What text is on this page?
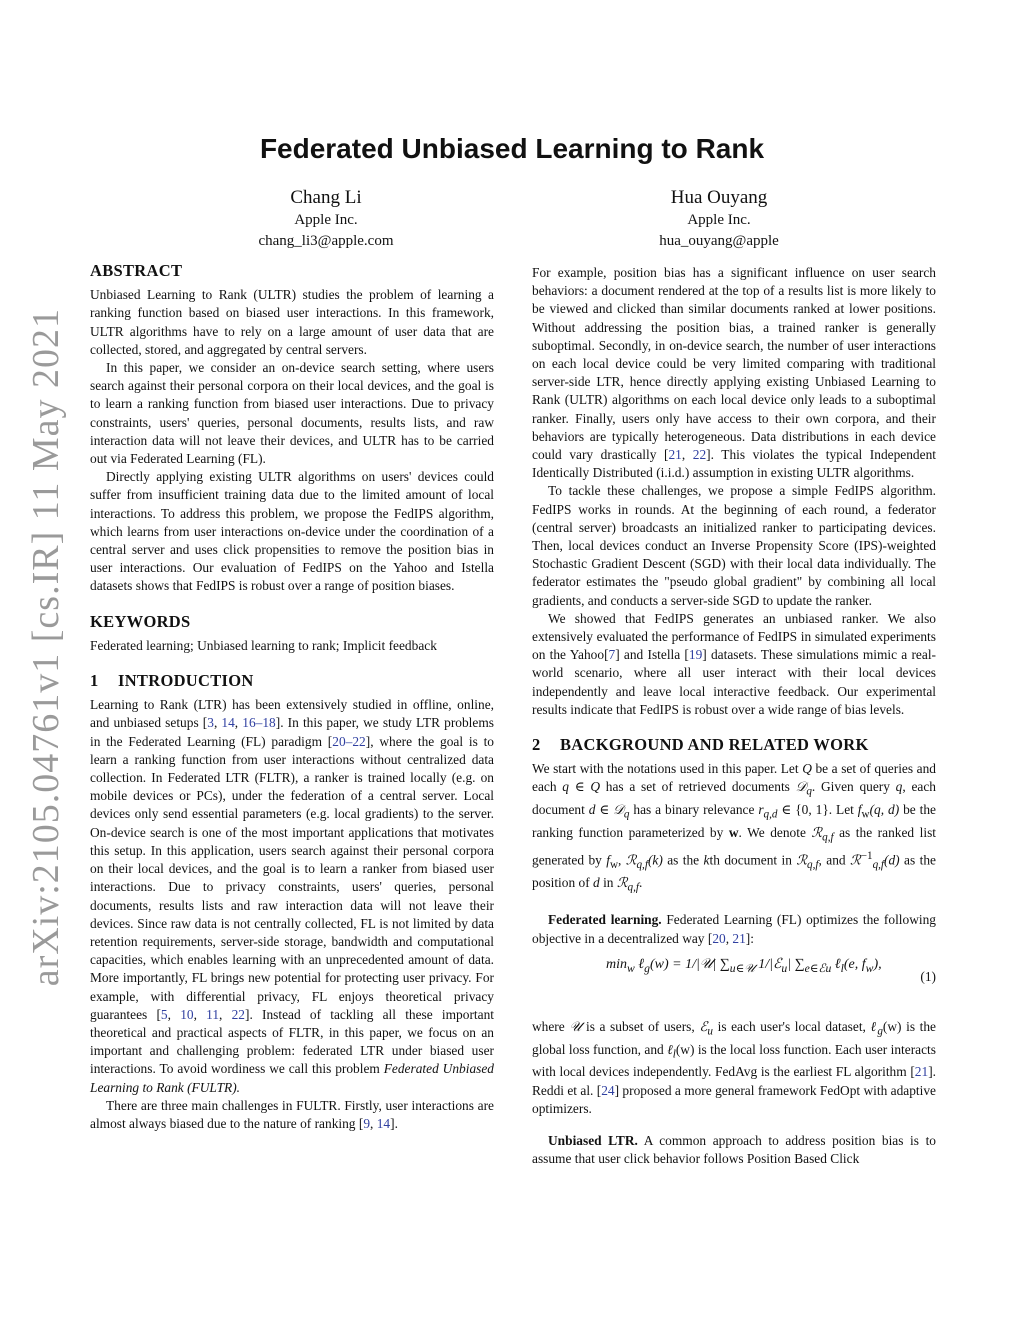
arXiv:2105.04761v1 [cs.IR] 11 May 2021
Federated Unbiased Learning to Rank
Chang Li
Apple Inc.
chang_li3@apple.com
Hua Ouyang
Apple Inc.
hua_ouyang@apple
ABSTRACT

Unbiased Learning to Rank (ULTR) studies the problem of learning a ranking function based on biased user interactions. In this framework, ULTR algorithms have to rely on a large amount of user data that are collected, stored, and aggregated by central servers.

In this paper, we consider an on-device search setting, where users search against their personal corpora on their local devices, and the goal is to learn a ranking function from biased user interactions. Due to privacy constraints, users' queries, personal documents, results lists, and raw interaction data will not leave their devices, and ULTR has to be carried out via Federated Learning (FL).

Directly applying existing ULTR algorithms on users' devices could suffer from insufficient training data due to the limited amount of local interactions. To address this problem, we propose the FedIPS algorithm, which learns from user interactions on-device under the coordination of a central server and uses click propensities to remove the position bias in user interactions. Our evaluation of FedIPS on the Yahoo and Istella datasets shows that FedIPS is robust over a range of position biases.

KEYWORDS

Federated learning; Unbiased learning to rank; Implicit feedback

1 INTRODUCTION

Learning to Rank (LTR) has been extensively studied in offline, online, and unbiased setups [3, 14, 16–18]. In this paper, we study LTR problems in the Federated Learning (FL) paradigm [20–22], where the goal is to learn a ranking function from user interactions without centralized data collection. In Federated LTR (FLTR), a ranker is trained locally (e.g. on mobile devices or PCs), under the federation of a central server. Local devices only send essential parameters (e.g. local gradients) to the server. On-device search is one of the most important applications that motivates this setup. In this application, users search against their personal corpora on their local devices, and the goal is to learn a ranker from biased user interactions. Due to privacy constraints, users' queries, personal documents, results lists and raw interaction data will not leave their devices. Since raw data is not centrally collected, FL is not limited by data retention requirements, server-side storage, bandwidth and computational capacities, which enables learning with an unprecedented amount of data. More importantly, FL brings new potential for protecting user privacy. For example, with differential privacy, FL enjoys theoretical privacy guarantees [5, 10, 11, 22]. Instead of tackling all these important theoretical and practical aspects of FLTR, in this paper, we focus on an important and challenging problem: federated LTR under biased user interactions. To avoid wordiness we call this problem Federated Unbiased Learning to Rank (FULTR).

There are three main challenges in FULTR. Firstly, user interactions are almost always biased due to the nature of ranking [9, 14].

For example, position bias has a significant influence on user search behaviors: a document rendered at the top of a results list is more likely to be viewed and clicked than similar documents ranked at lower positions. Without addressing the position bias, a trained ranker is generally suboptimal. Secondly, in on-device search, the number of user interactions on each local device could be very limited comparing with traditional server-side LTR, hence directly applying existing Unbiased Learning to Rank (ULTR) algorithms on each local device only leads to a suboptimal ranker. Finally, users only have access to their own corpora, and their behaviors are typically heterogeneous. Data distributions in each device could vary drastically [21, 22]. This violates the typical Independent Identically Distributed (i.i.d.) assumption in existing ULTR algorithms.

To tackle these challenges, we propose a simple FedIPS algorithm. FedIPS works in rounds. At the beginning of each round, a federator (central server) broadcasts an initialized ranker to participating devices. Then, local devices conduct an Inverse Propensity Score (IPS)-weighted Stochastic Gradient Descent (SGD) with their local data individually. The federator estimates the "pseudo global gradient" by combining all local gradients, and conducts a server-side SGD to update the ranker.

We showed that FedIPS generates an unbiased ranker. We also extensively evaluated the performance of FedIPS in simulated experiments on the Yahoo[7] and Istella [19] datasets. These simulations mimic a real-world scenario, where all user interact with their local devices independently and leave local interactive feedback. Our experimental results indicate that FedIPS is robust over a wide range of bias levels.

2 BACKGROUND AND RELATED WORK

We start with the notations used in this paper. Let Q be a set of queries and each q ∈ Q has a set of retrieved documents 𝒟$_q$. Given query q, each document d ∈ 𝒟$_q$ has a binary relevance $r_{q,d}$ ∈ {0, 1}. Let $f_w(q$, d) be the ranking function parameterized by w. We denote ℛ$_{q,f}$ as the ranked list generated by $f_w$, ℛ$_{q,f}$(k) as the kth document in ℛ$_{q,f}$, and ℛ$^{-1}_{q,f}$(d) as the position of d in ℛ$_{q,f}$.

Federated learning. Federated Learning (FL) optimizes the following objective in a decentralized way [20, 21]:

$\min_w$ ℓ$_g$(w) = 1/|𝒰| $\sum_{u\in 𝒰}$ 1/|ℰ$_u$| $\sum_{e\in ℰu}$ ℓ$_l$(e, $f_w$),
(1)

where 𝒰 is a subset of users, ℰ$_u$ is each user's local dataset, ℓ$_g$(w) is the global loss function, and ℓ$_l$(w) is the local loss function. Each user interacts with local devices independently. FedAvg is the earliest FL algorithm [21]. Reddi et al. [24] proposed a more general framework FedOpt with adaptive optimizers.

Unbiased LTR. A common approach to address position bias is to assume that user click behavior follows Position Based Click
